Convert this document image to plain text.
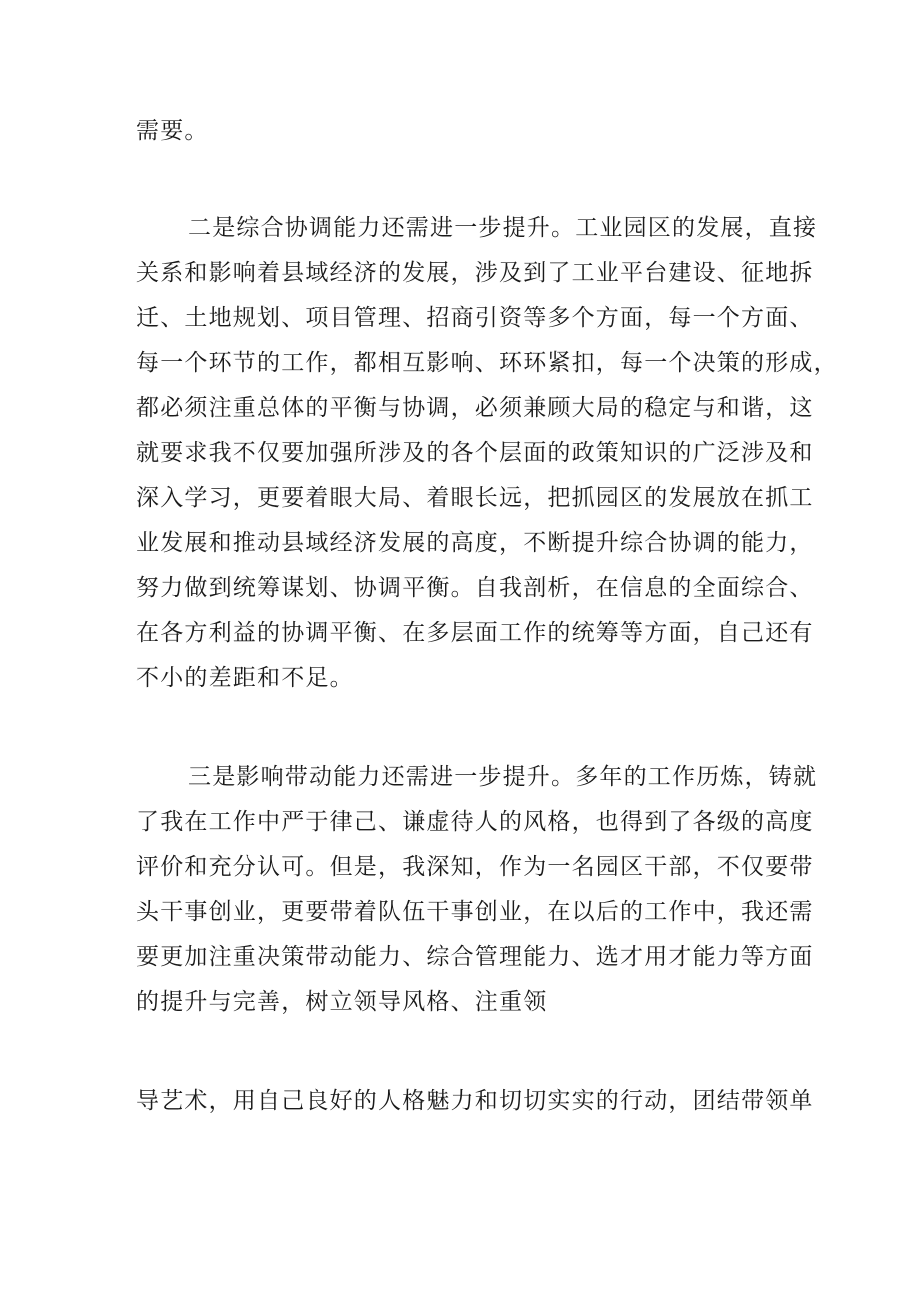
需要。

二是综合协调能力还需进一步提升。工业园区的发展，直接

关系和影响着县域经济的发展，涉及到了工业平台建设、征地拆

迁、土地规划、项目管理、招商引资等多个方面，每一个方面、

每一个环节的工作，都相互影响、环环紧扣，每一个决策的形成，

都必须注重总体的平衡与协调，必须兼顾大局的稳定与和谐，这

就要求我不仅要加强所涉及的各个层面的政策知识的广泛涉及和

深入学习，更要着眼大局、着眼长远，把抓园区的发展放在抓工

业发展和推动县域经济发展的高度，不断提升综合协调的能力，

努力做到统筹谋划、协调平衡。自我剖析，在信息的全面综合、

在各方利益的协调平衡、在多层面工作的统筹等方面，自己还有

不小的差距和不足。

三是影响带动能力还需进一步提升。多年的工作历炼，铸就

了我在工作中严于律己、谦虚待人的风格，也得到了各级的高度

评价和充分认可。但是，我深知，作为一名园区干部，不仅要带

头干事创业，更要带着队伍干事创业，在以后的工作中，我还需

要更加注重决策带动能力、综合管理能力、选才用才能力等方面

的提升与完善，树立领导风格、注重领

导艺术，用自己良好的人格魅力和切切实实的行动，团结带领单
